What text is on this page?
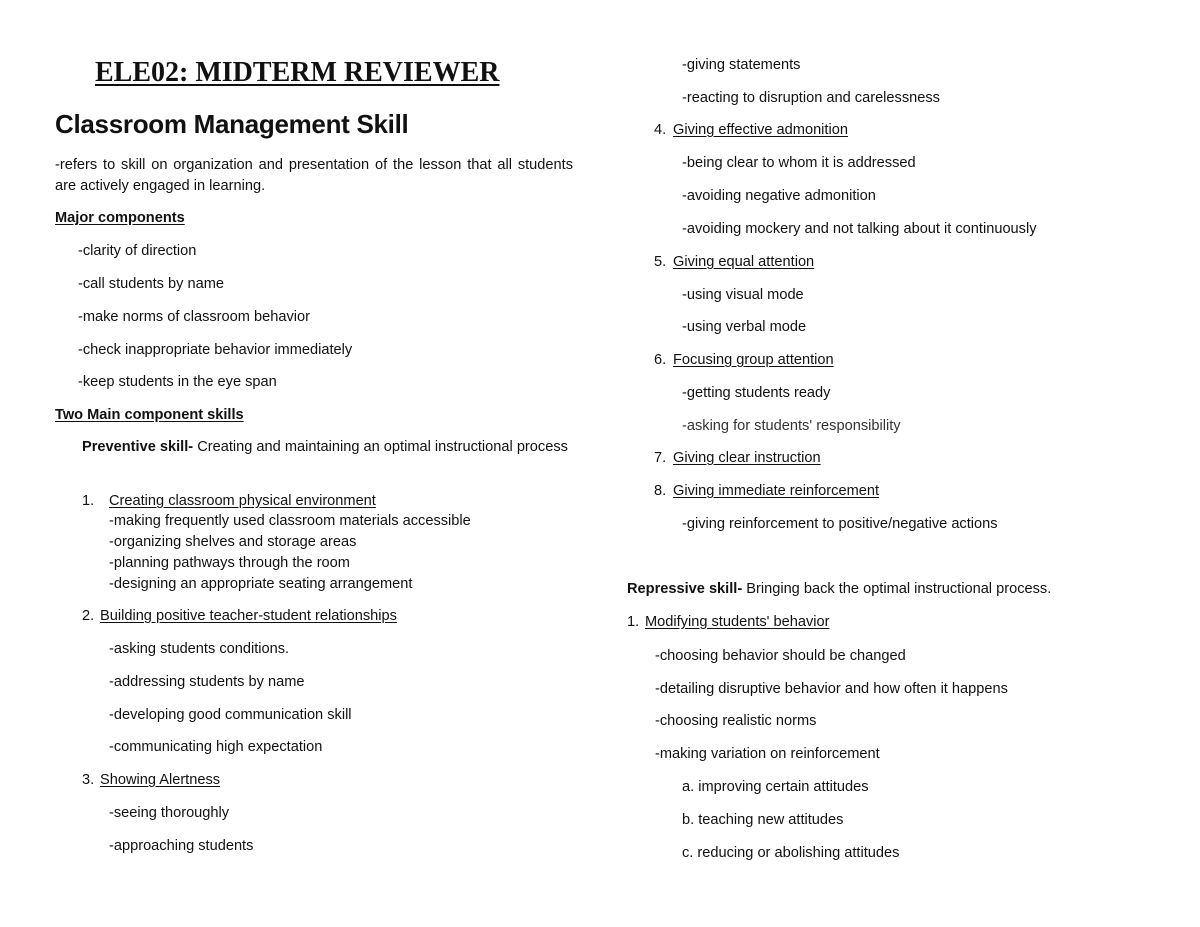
ELE02: MIDTERM REVIEWER
Classroom Management Skill
-refers to skill on organization and presentation of the lesson that all students are actively engaged in learning.
Major components
-clarity of direction
-call students by name
-make norms of classroom behavior
-check inappropriate behavior immediately
-keep students in the eye span
Two Main component skills
Preventive skill- Creating and maintaining an optimal instructional process
1. Creating classroom physical environment
-making frequently used classroom materials accessible
-organizing shelves and storage areas
-planning pathways through the room
-designing an appropriate seating arrangement
2. Building positive teacher-student relationships
-asking students conditions.
-addressing students by name
-developing good communication skill
-communicating high expectation
3. Showing Alertness
-seeing thoroughly
-approaching students
-giving statements
-reacting to disruption and carelessness
4. Giving effective admonition
-being clear to whom it is addressed
-avoiding negative admonition
-avoiding mockery and not talking about it continuously
5. Giving equal attention
-using visual mode
-using verbal mode
6. Focusing group attention
-getting students ready
-asking for students' responsibility
7. Giving clear instruction
8. Giving immediate reinforcement
-giving reinforcement to positive/negative actions
Repressive skill- Bringing back the optimal instructional process.
1. Modifying students' behavior
-choosing behavior should be changed
-detailing disruptive behavior and how often it happens
-choosing realistic norms
-making variation on reinforcement
a. improving certain attitudes
b. teaching new attitudes
c. reducing or abolishing attitudes
